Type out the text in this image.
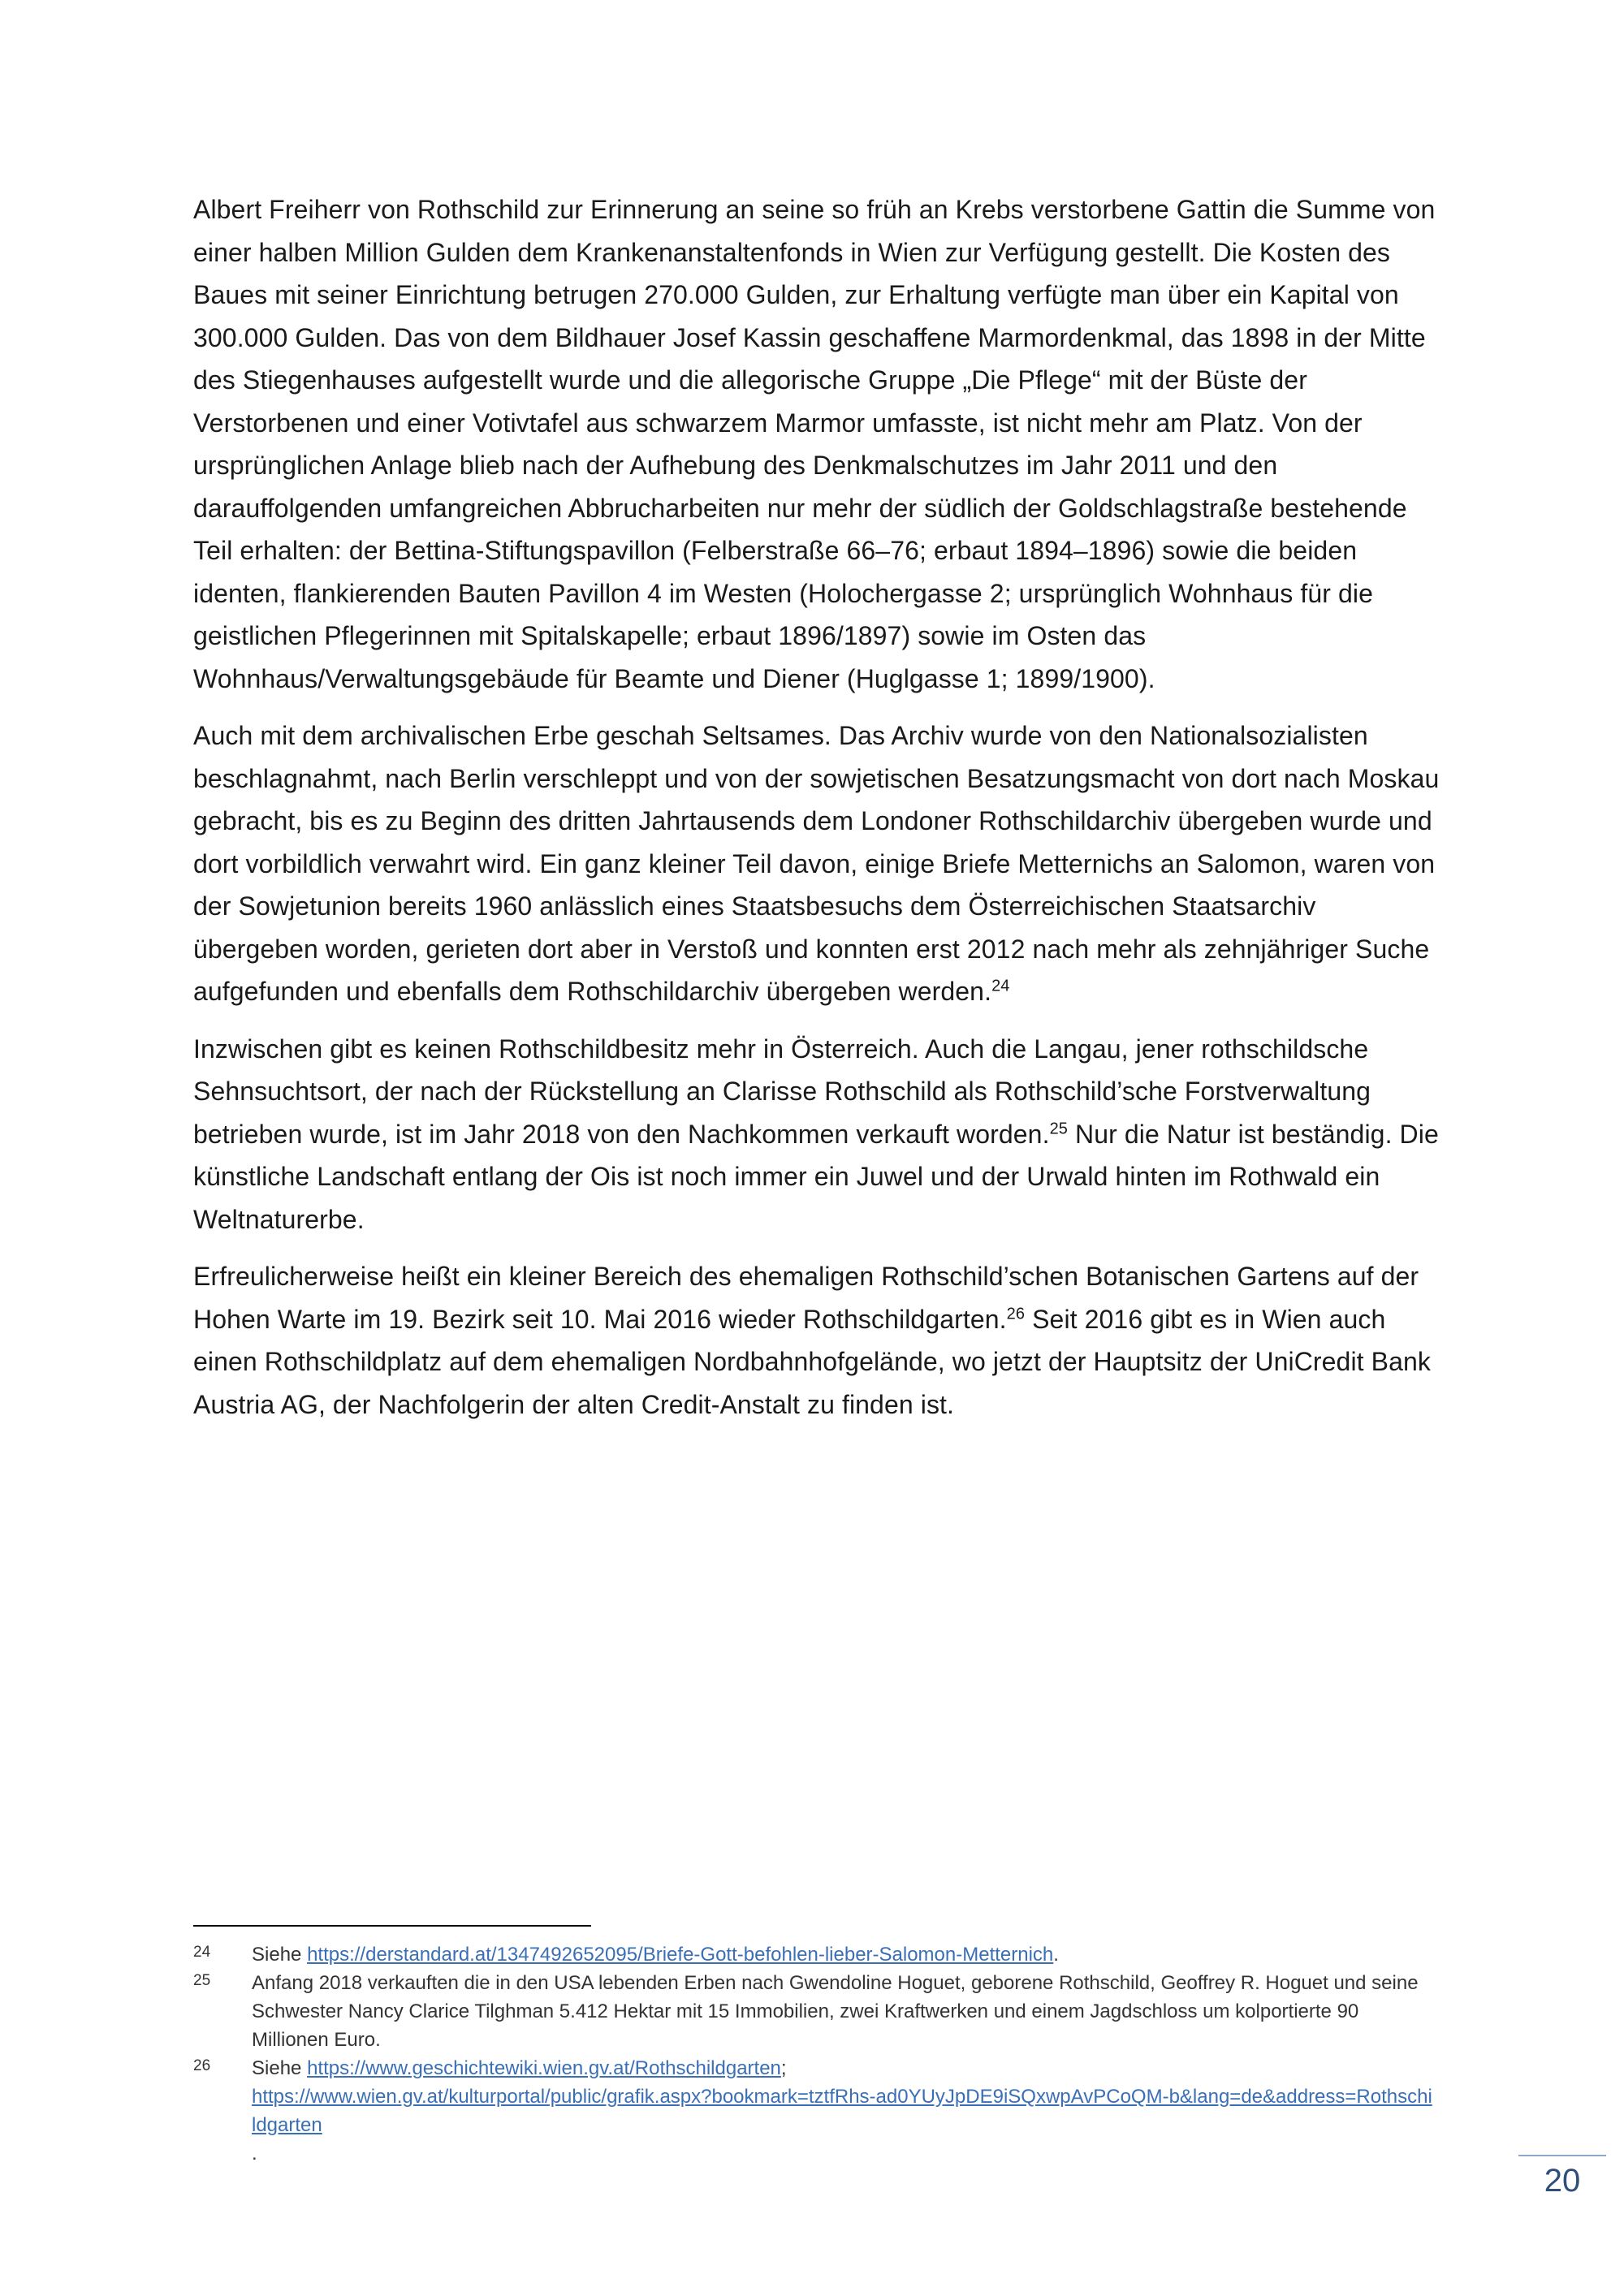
Albert Freiherr von Rothschild zur Erinnerung an seine so früh an Krebs verstorbene Gattin die Summe von einer halben Million Gulden dem Krankenanstaltenfonds in Wien zur Verfügung gestellt. Die Kosten des Baues mit seiner Einrichtung betrugen 270.000 Gulden, zur Erhaltung verfügte man über ein Kapital von 300.000 Gulden. Das von dem Bildhauer Josef Kassin geschaffene Marmordenkmal, das 1898 in der Mitte des Stiegenhauses aufgestellt wurde und die allegorische Gruppe „Die Pflege“ mit der Büste der Verstorbenen und einer Votivtafel aus schwarzem Marmor umfasste, ist nicht mehr am Platz. Von der ursprünglichen Anlage blieb nach der Aufhebung des Denkmalschutzes im Jahr 2011 und den darauffolgenden umfangreichen Abbrucharbeiten nur mehr der südlich der Goldschlagstraße bestehende Teil erhalten: der Bettina-Stiftungspavillon (Felberstraße 66–76; erbaut 1894–1896) sowie die beiden identen, flankierenden Bauten Pavillon 4 im Westen (Holochergasse 2; ursprünglich Wohnhaus für die geistlichen Pflegerinnen mit Spitalskapelle; erbaut 1896/1897) sowie im Osten das Wohnhaus/Verwaltungsgebäude für Beamte und Diener (Huglgasse 1; 1899/1900).

Auch mit dem archivalischen Erbe geschah Seltsames. Das Archiv wurde von den Nationalsozialisten beschlagnahmt, nach Berlin verschleppt und von der sowjetischen Besatzungsmacht von dort nach Moskau gebracht, bis es zu Beginn des dritten Jahrtausends dem Londoner Rothschildarchiv übergeben wurde und dort vorbildlich verwahrt wird. Ein ganz kleiner Teil davon, einige Briefe Metternichs an Salomon, waren von der Sowjetunion bereits 1960 anlässlich eines Staatsbesuchs dem Österreichischen Staatsarchiv übergeben worden, gerieten dort aber in Verstoß und konnten erst 2012 nach mehr als zehnjähriger Suche aufgefunden und ebenfalls dem Rothschildarchiv übergeben werden.$^{24}$

Inzwischen gibt es keinen Rothschildbesitz mehr in Österreich. Auch die Langau, jener rothschildsche Sehnsuchtsort, der nach der Rückstellung an Clarisse Rothschild als Rothschild’sche Forstverwaltung betrieben wurde, ist im Jahr 2018 von den Nachkommen verkauft worden.$^{25}$ Nur die Natur ist beständig. Die künstliche Landschaft entlang der Ois ist noch immer ein Juwel und der Urwald hinten im Rothwald ein Weltnaturerbe.

Erfreulicherweise heißt ein kleiner Bereich des ehemaligen Rothschild’schen Botanischen Gartens auf der Hohen Warte im 19. Bezirk seit 10. Mai 2016 wieder Rothschildgarten.$^{26}$ Seit 2016 gibt es in Wien auch einen Rothschildplatz auf dem ehemaligen Nordbahnhofgelände, wo jetzt der Hauptsitz der UniCredit Bank Austria AG, der Nachfolgerin der alten Credit-Anstalt zu finden ist.

24	Siehe https://derstandard.at/1347492652095/Briefe-Gott-befohlen-lieber-Salomon-Metternich.
25	Anfang 2018 verkauften die in den USA lebenden Erben nach Gwendoline Hoguet, geborene Rothschild, Geoffrey R. Hoguet und seine Schwester Nancy Clarice Tilghman 5.412 Hektar mit 15 Immobilien, zwei Kraftwerken und einem Jagdschloss um kolportierte 90 Millionen Euro.
26	Siehe https://www.geschichtewiki.wien.gv.at/Rothschildgarten;
https://www.wien.gv.at/kulturportal/public/grafik.aspx?bookmark=tztfRhs-ad0YUyJpDE9iSQxwpAvPCoQM-b&lang=de&address=Rothschildgarten
.
20
